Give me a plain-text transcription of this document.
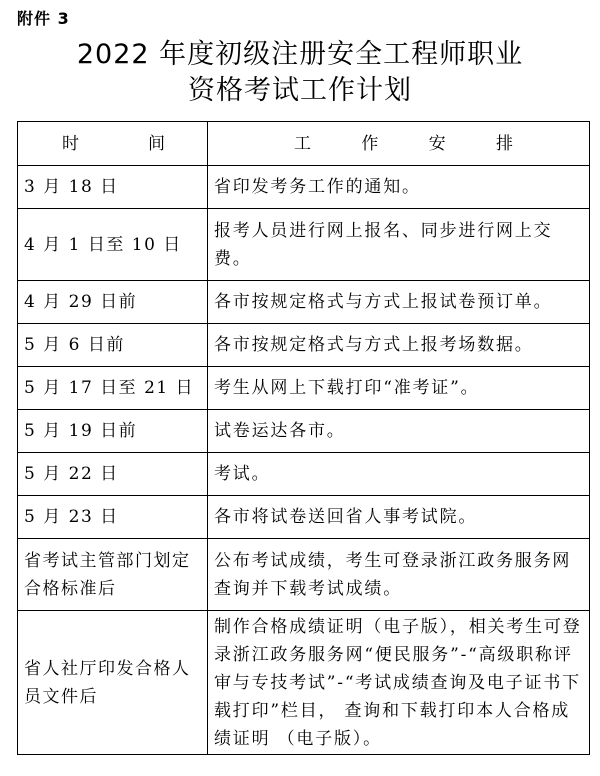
附件 3
2022 年度初级注册安全工程师职业
资格考试工作计划
时 间	工 作 安 排

3 月 18 日	省印发考务工作的通知。
4 月 1 日至 10 日	报考人员进行网上报名、同步进行网上交费。
4 月 29 日前	各市按规定格式与方式上报试卷预订单。
5 月 6 日前	各市按规定格式与方式上报考场数据。
5 月 17 日至 21 日	考生从网上下载打印“准考证”。
5 月 19 日前	试卷运达各市。
5 月 22 日	考试。
5 月 23 日	各市将试卷送回省人事考试院。
省考试主管部门划定合格标准后	公布考试成绩，考生可登录浙江政务服务网查询并下载考试成绩。
省人社厅印发合格人员文件后	制作合格成绩证明（电子版），相关考生可登录浙江政务服务网“便民服务”-“高级职称评 审与专技考试”-“考试成绩查询及电子证书下载打印”栏目， 查询和下载打印本人合格成绩证明 （电子版）。
